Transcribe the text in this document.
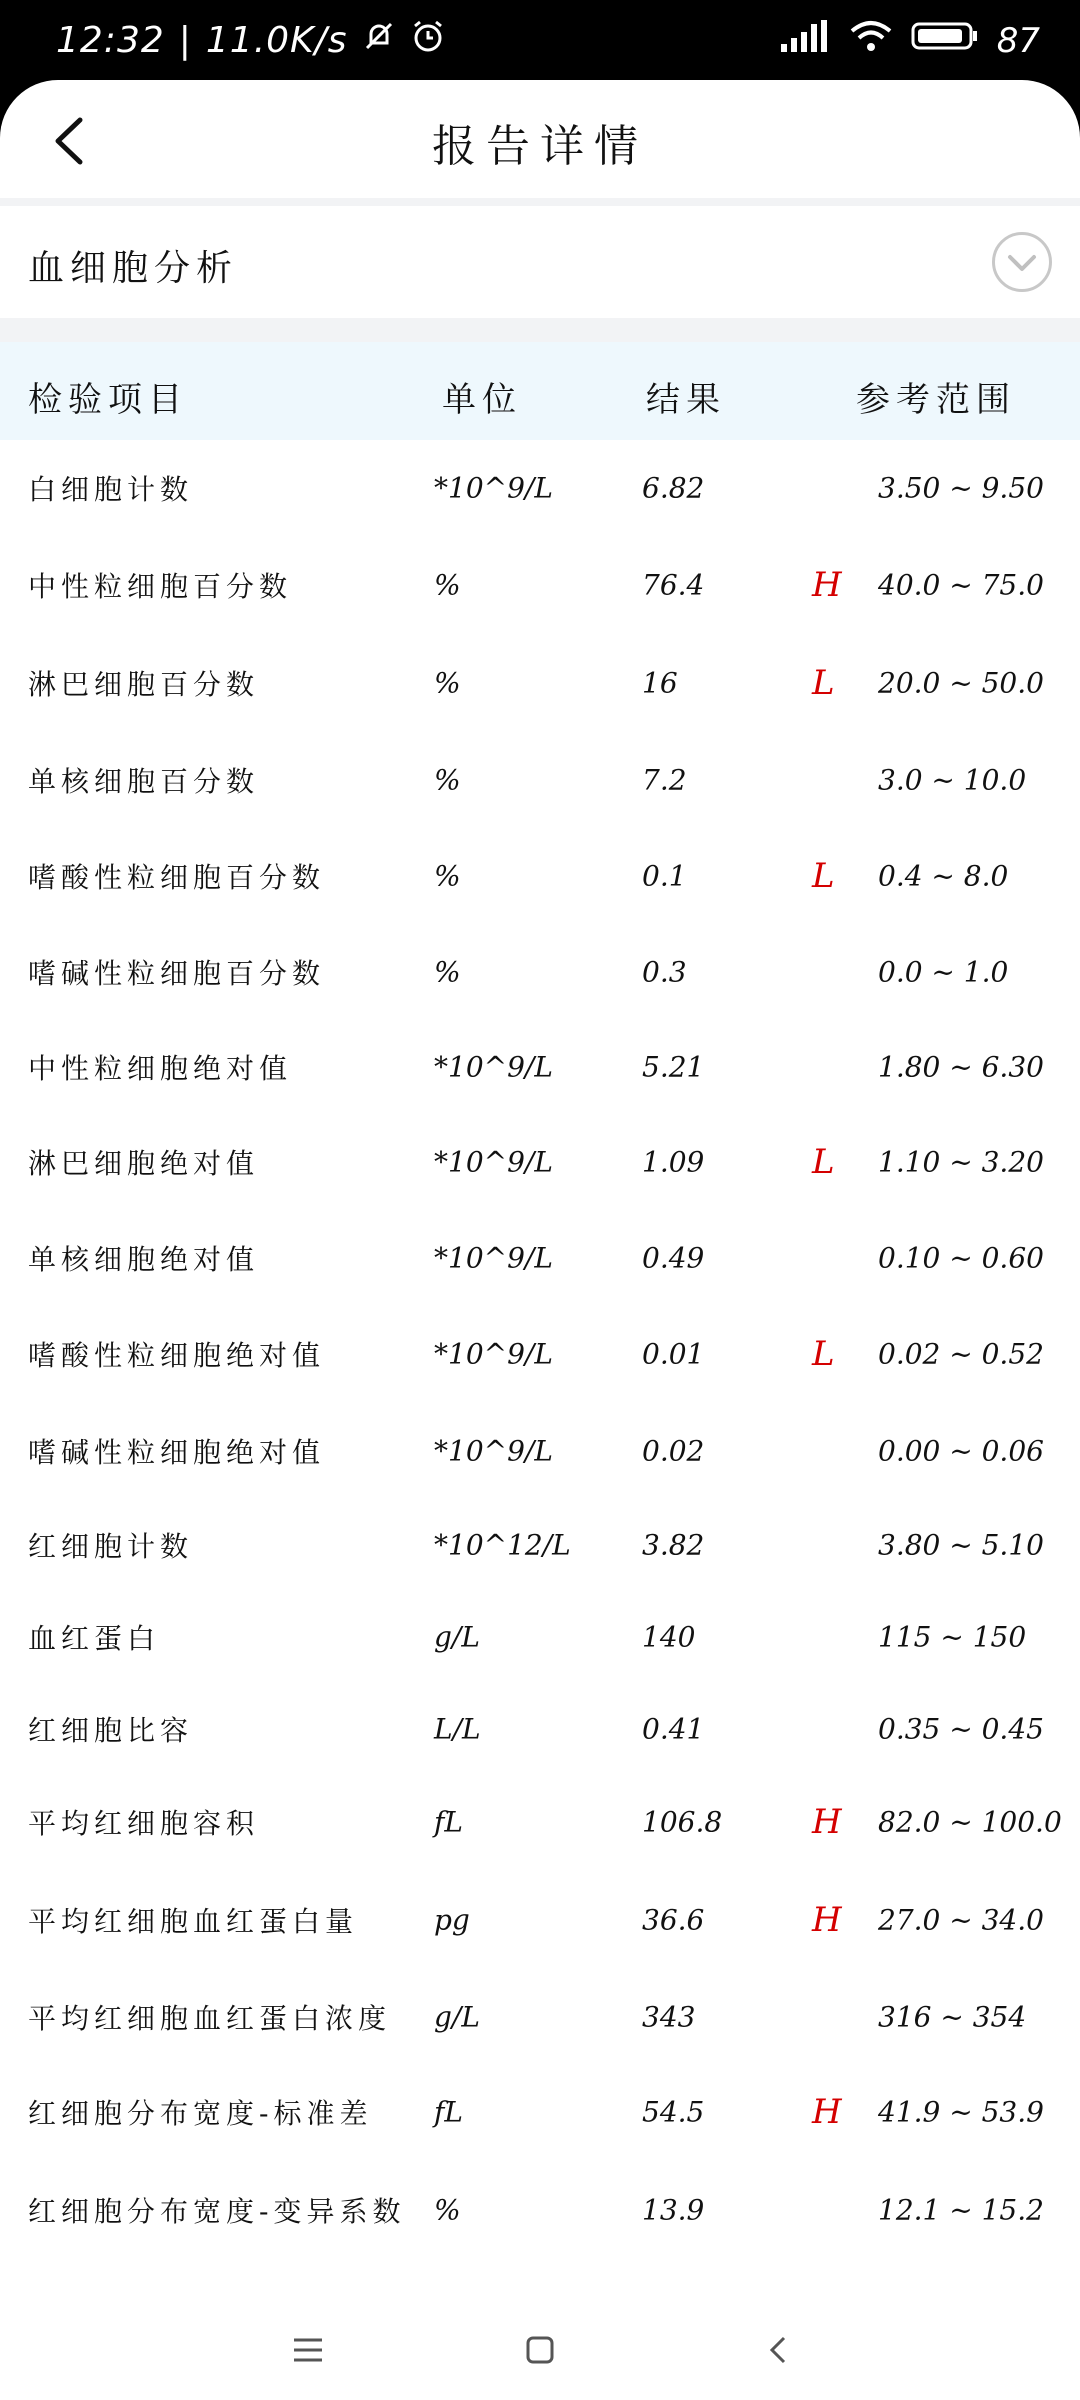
12:32 | 11.0K/s	87
报告详情
血细胞分析
检验项目	单位	结果	参考范围
白细胞计数	*10^9/L	6.82	3.50 ~ 9.50
中性粒细胞百分数	%	76.4	H 40.0 ~ 75.0
淋巴细胞百分数	%	16	L 20.0 ~ 50.0
单核细胞百分数	%	7.2	3.0 ~ 10.0
嗜酸性粒细胞百分数	%	0.1	L 0.4 ~ 8.0
嗜碱性粒细胞百分数	%	0.3	0.0 ~ 1.0
中性粒细胞绝对值	*10^9/L	5.21	1.80 ~ 6.30
淋巴细胞绝对值	*10^9/L	1.09	L 1.10 ~ 3.20
单核细胞绝对值	*10^9/L	0.49	0.10 ~ 0.60
嗜酸性粒细胞绝对值	*10^9/L	0.01	L 0.02 ~ 0.52
嗜碱性粒细胞绝对值	*10^9/L	0.02	0.00 ~ 0.06
红细胞计数	*10^12/L	3.82	3.80 ~ 5.10
血红蛋白	g/L	140	115 ~ 150
红细胞比容	L/L	0.41	0.35 ~ 0.45
平均红细胞容积	fL	106.8	H 82.0 ~ 100.0
平均红细胞血红蛋白量	pg	36.6	H 27.0 ~ 34.0
平均红细胞血红蛋白浓度 g/L	343	316 ~ 354
红细胞分布宽度-标准差 fL	54.5	H 41.9 ~ 53.9
红细胞分布宽度-变异系数 %	13.9	12.1 ~ 15.2
